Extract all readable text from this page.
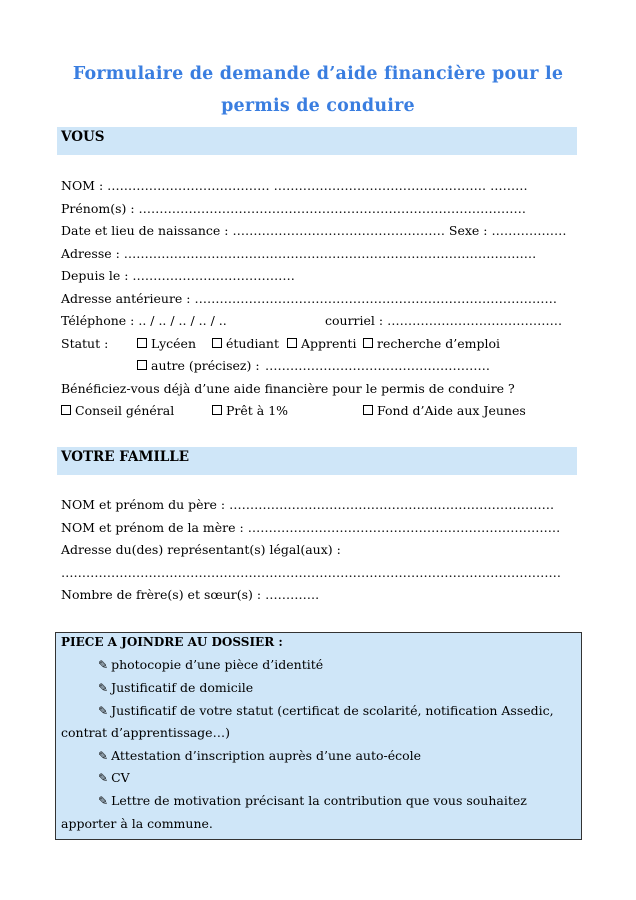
Formulaire de demande d’aide financière pour le
permis de conduire
VOUS
NOM : ………………………………… …………………………………………… ………
Prénom(s) : …………………………………………………………………………………
Date et lieu de naissance : …………………………………………… Sexe : ………………
Adresse : ………………………………………………………………………………………
Depuis le : …………………………………
Adresse antérieure : ……………………………………………………………………………
Téléphone : .. / .. / .. / .. / ..	courriel : ……………………………………
Statut :	Lycéen	étudiant	Apprenti	recherche d’emploi
autre (précisez) : ………………………………………………
Bénéficiez-vous déjà d’une aide financière pour le permis de conduire ?
Conseil général	Prêt à 1%	Fond d’Aide aux Jeunes
VOTRE FAMILLE
NOM et prénom du père : ……………………………………………………………………
NOM et prénom de la mère : …………………………………………………………………
Adresse du(des) représentant(s) légal(aux) :
…………………………………………………………………………………………………………
Nombre de frère(s) et sœur(s) : ………….
PIECE A JOINDRE AU DOSSIER :
✎ photocopie d’une pièce d’identité
✎ Justificatif de domicile
✎ Justificatif de votre statut (certificat de scolarité, notification Assedic,
contrat d’apprentissage…)
✎ Attestation d’inscription auprès d’une auto-école
✎ CV
✎ Lettre de motivation précisant la contribution que vous souhaitez
apporter à la commune.
